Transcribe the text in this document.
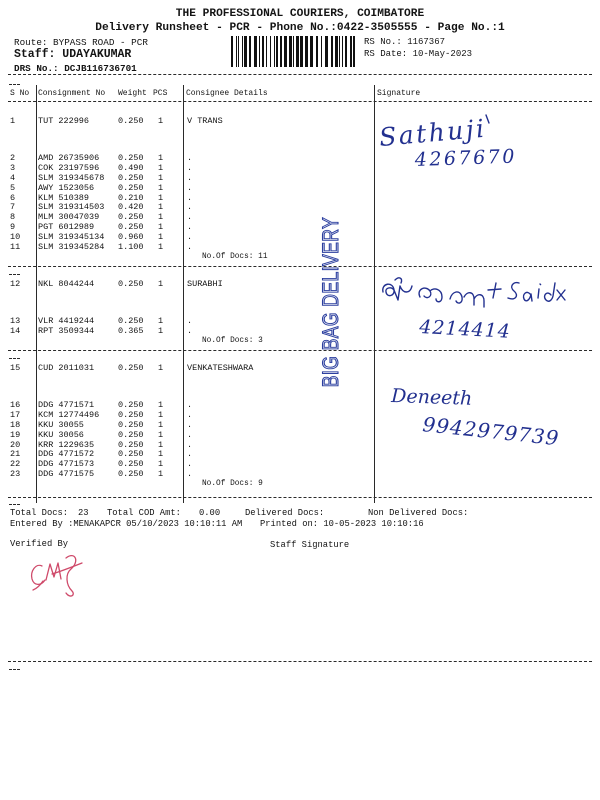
THE PROFESSIONAL COURIERS, COIMBATORE
Delivery Runsheet - PCR - Phone No.:0422-3505555 - Page No.:1
Route: BYPASS ROAD - PCR
Staff: UDAYAKUMAR
DRS No.: DCJB116736701
RS No.: 1167367
RS Date: 10-May-2023
S No Consignment No Weight PCS Consignee Details	Signature
1	TUT 222996	0.250 1	V TRANS
2	AMD 26735906 0.250 1	.
3	COK 23197596 0.490 1	.
4	SLM 319345678 0.250 1	.
5	AWY 1523056	0.250 1	.
6	KLM 510389	0.210 1	.
7	SLM 319314503 0.420 1	.
8	MLM 30047039 0.250 1	.
9	PGT 6012989	0.250 1	.
10 SLM 319345134 0.960 1	.
11 SLM 319345284 1.100 1	.
No.Of Docs: 11
12 NKL 8044244	0.250 1	SURABHI
13 VLR 4419244	0.250 1	.
14 RPT 3509344	0.365 1	.
No.Of Docs: 3
15 CUD 2011031	0.250 1	VENKATESHWARA
16 DDG 4771571	0.250 1	.
17 KCM 12774496 0.250 1	.
18 KKU 30055	0.250 1	.
19 KKU 30056	0.250 1	.
20 KRR 1229635	0.250 1	.
21 DDG 4771572	0.250 1	.
22 DDG 4771573	0.250 1	.
23 DDG 4771575	0.250 1	.
No.Of Docs: 9
BIG BAG DELIVERY
Total Docs: 23 Total COD Amt: 0.00	Delivered Docs:	Non Delivered Docs:
Entered By :MENAKAPCR 05/10/2023 10:10:11 AM Printed on: 10-05-2023 10:10:16
Verified By	Staff Signature
Sathuji
4267670
4214414
Deneeth
9942979739
